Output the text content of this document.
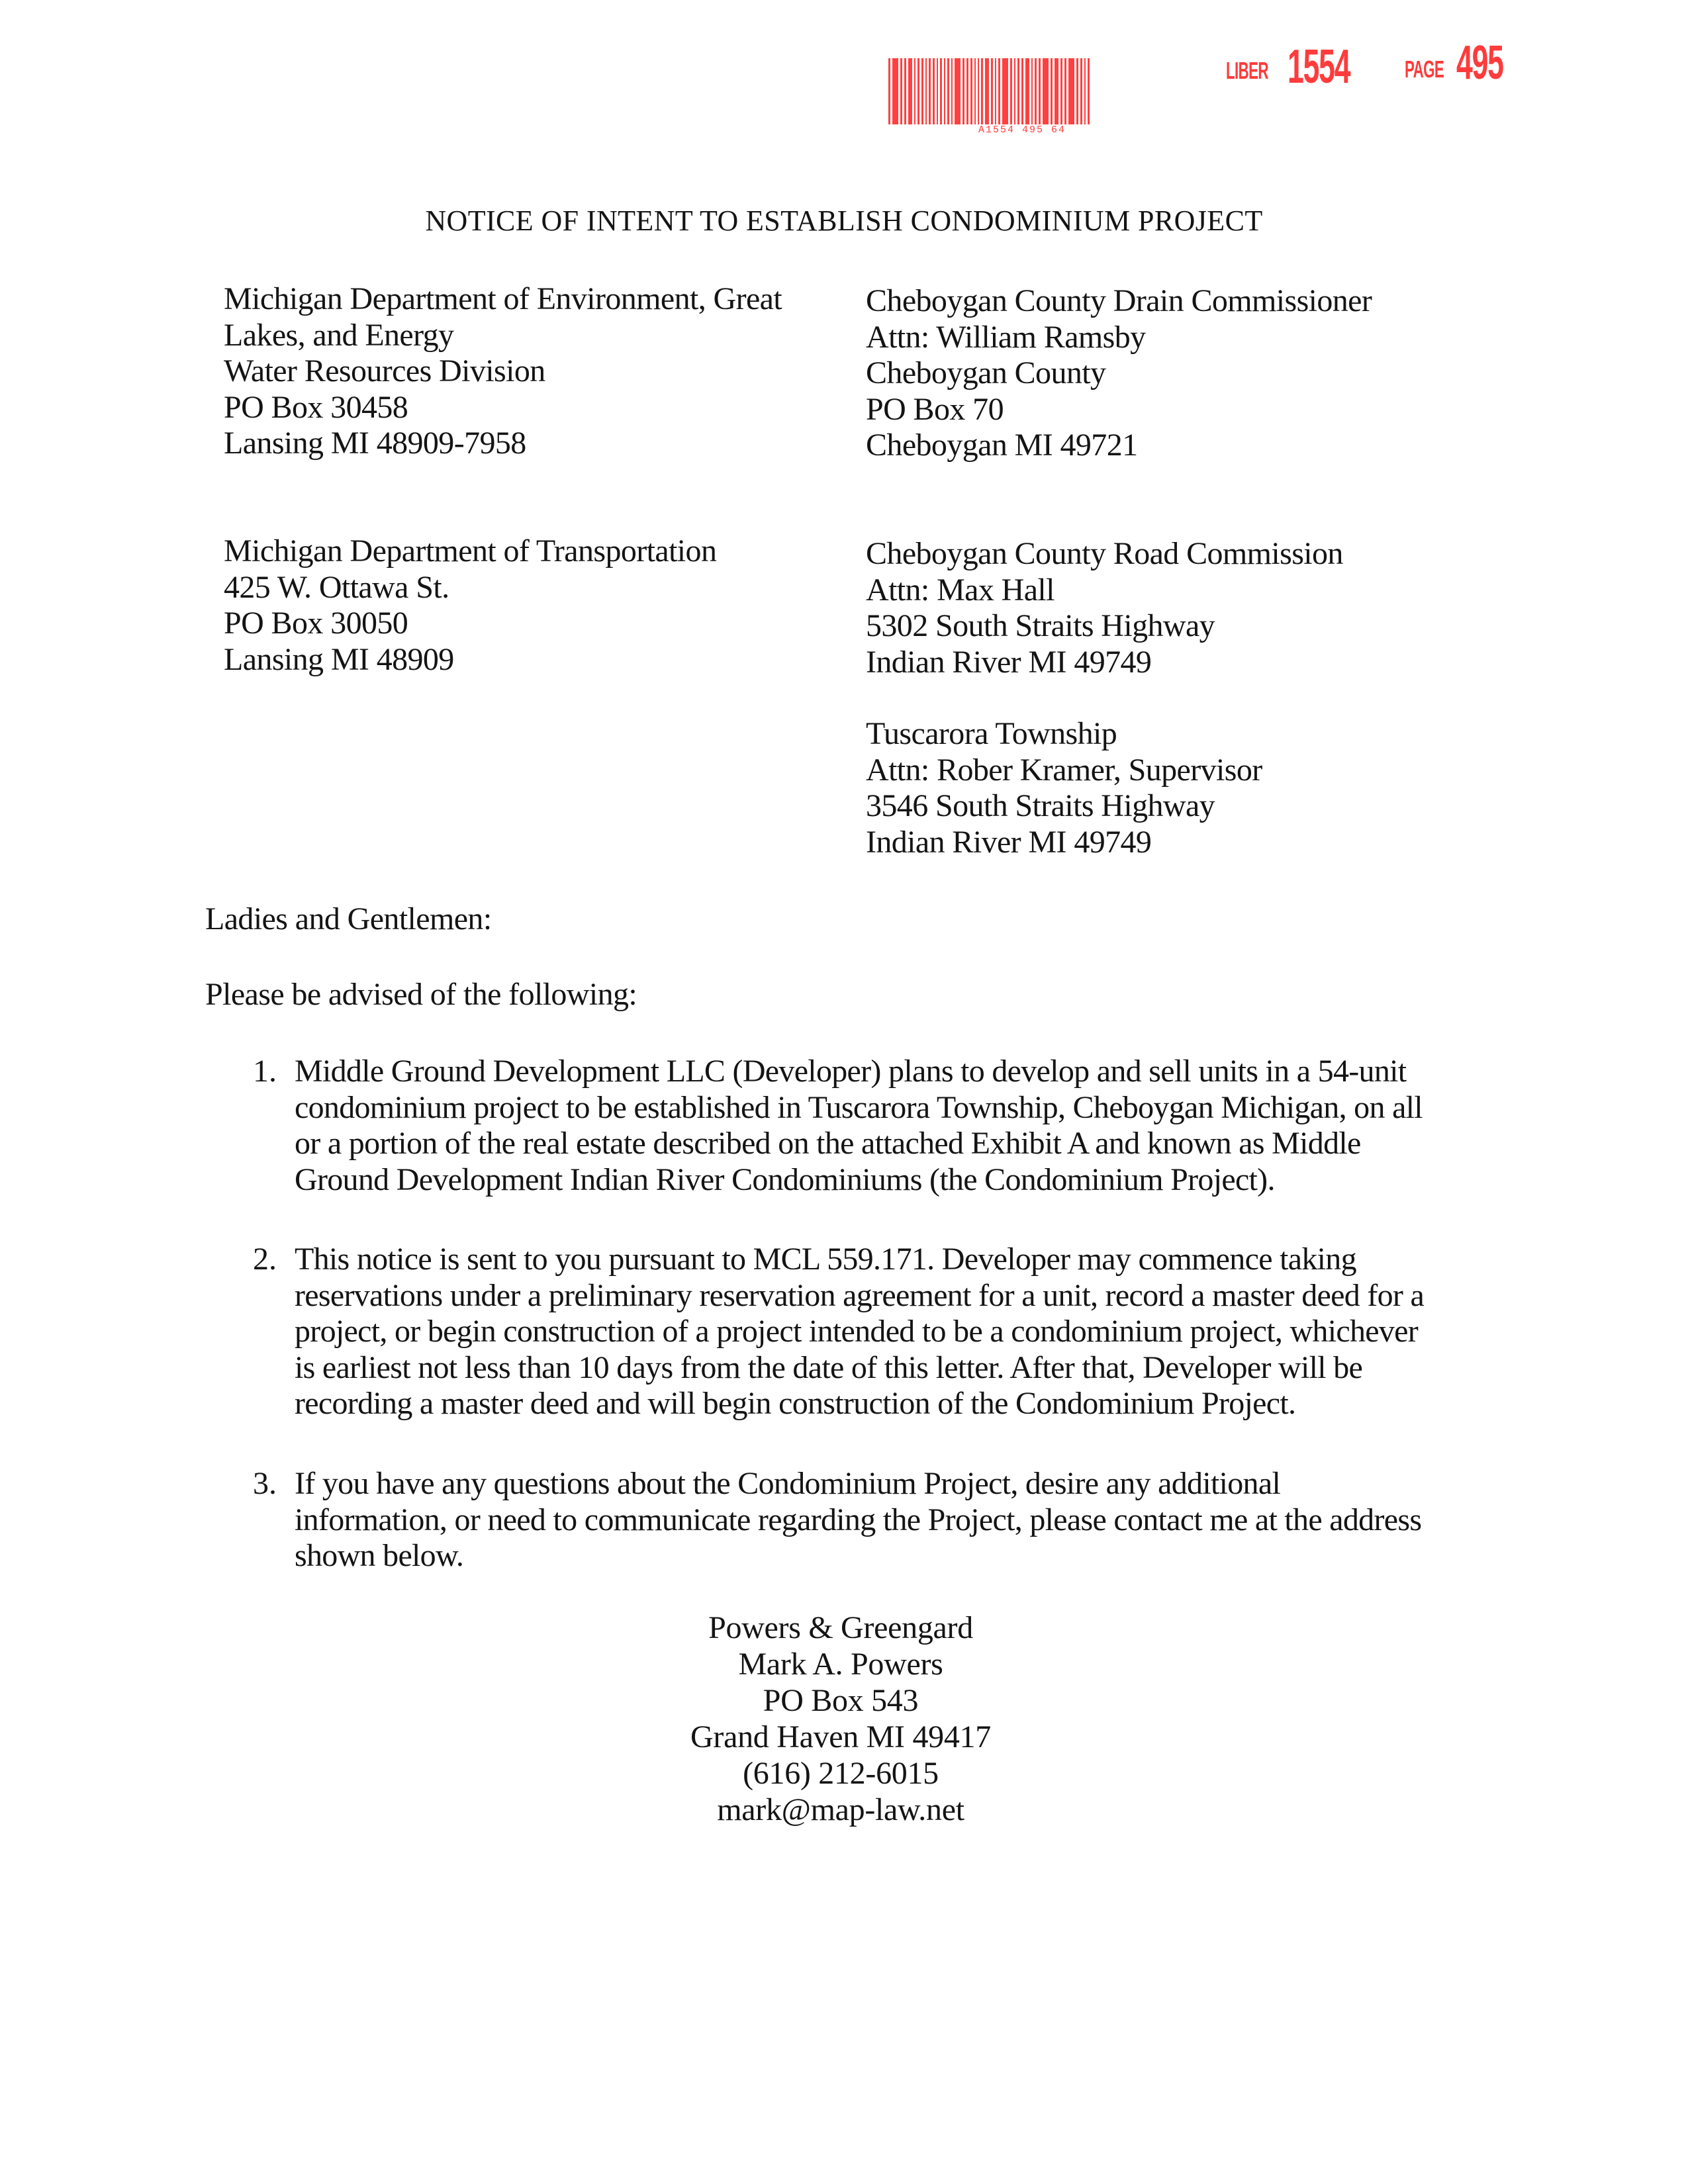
A1554 495 64
LIBER 1554 PAGE 495
NOTICE OF INTENT TO ESTABLISH CONDOMINIUM PROJECT
Michigan Department of Environment, Great
Lakes, and Energy
Water Resources Division
PO Box 30458
Lansing MI 48909-7958
Cheboygan County Drain Commissioner
Attn: William Ramsby
Cheboygan County
PO Box 70
Cheboygan MI 49721
Michigan Department of Transportation
425 W. Ottawa St.
PO Box 30050
Lansing MI 48909
Cheboygan County Road Commission
Attn: Max Hall
5302 South Straits Highway
Indian River MI 49749
Tuscarora Township
Attn: Rober Kramer, Supervisor
3546 South Straits Highway
Indian River MI 49749
Ladies and Gentlemen:
Please be advised of the following:
1. Middle Ground Development LLC (Developer) plans to develop and sell units in a 54-unit
condominium project to be established in Tuscarora Township, Cheboygan Michigan, on all
or a portion of the real estate described on the attached Exhibit A and known as Middle
Ground Development Indian River Condominiums (the Condominium Project).
2. This notice is sent to you pursuant to MCL 559.171. Developer may commence taking
reservations under a preliminary reservation agreement for a unit, record a master deed for a
project, or begin construction of a project intended to be a condominium project, whichever
is earliest not less than 10 days from the date of this letter. After that, Developer will be
recording a master deed and will begin construction of the Condominium Project.
3. If you have any questions about the Condominium Project, desire any additional
information, or need to communicate regarding the Project, please contact me at the address
shown below.
Powers & Greengard
Mark A. Powers
PO Box 543
Grand Haven MI 49417
(616) 212-6015
mark@map-law.net
